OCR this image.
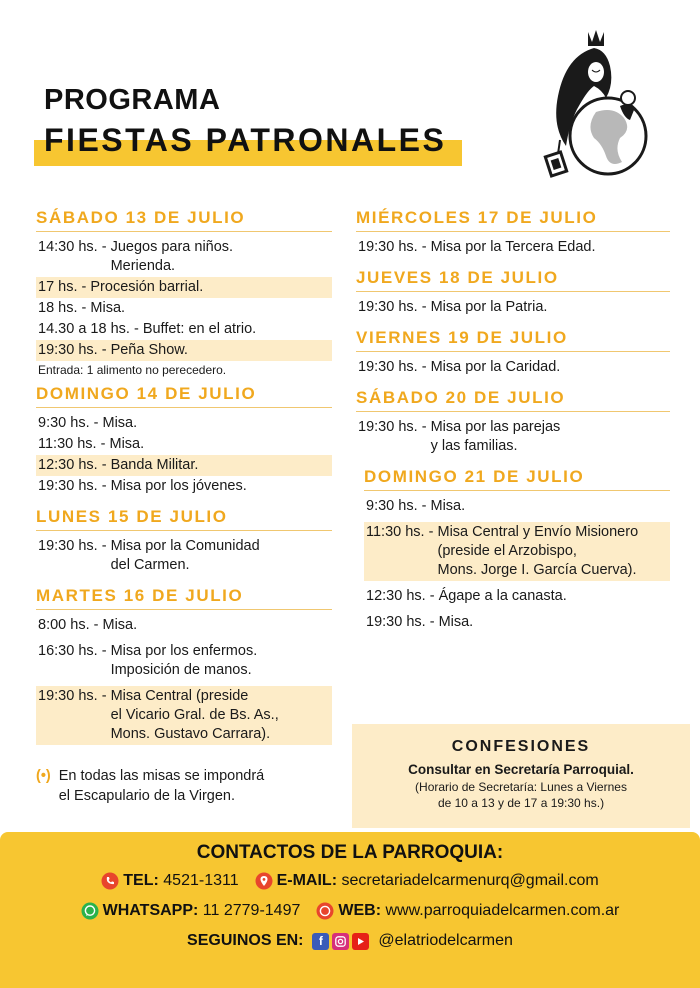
PROGRAMA
FIESTAS PATRONALES
SÁBADO 13 DE JULIO
14:30 hs. - Juegos para niños.
Merienda.
17 hs. - Procesión barrial.
18 hs. - Misa.
14.30 a 18 hs. - Buffet: en el atrio.
19:30 hs. - Peña Show.
Entrada: 1 alimento no perecedero.
DOMINGO 14 DE JULIO
9:30 hs. - Misa.
11:30 hs. - Misa.
12:30 hs. - Banda Militar.
19:30 hs. - Misa por los jóvenes.
LUNES 15 DE JULIO
19:30 hs. - Misa por la Comunidad
del Carmen.
MARTES 16 DE JULIO
8:00 hs. - Misa.
16:30 hs. - Misa por los enfermos.
Imposición de manos.
19:30 hs. - Misa Central (preside
el Vicario Gral. de Bs. As.,
Mons. Gustavo Carrara).
MIÉRCOLES 17 DE JULIO
19:30 hs. - Misa por la Tercera Edad.
JUEVES 18 DE JULIO
19:30 hs. - Misa por la Patria.
VIERNES 19 DE JULIO
19:30 hs. - Misa por la Caridad.
SÁBADO 20 DE JULIO
19:30 hs. - Misa por las parejas
y las familias.
DOMINGO 21 DE JULIO
9:30 hs. - Misa.
11:30 hs. - Misa Central y Envío Misionero
(preside el Arzobispo,
Mons. Jorge I. García Cuerva).
12:30 hs. - Ágape a la canasta.
19:30 hs. - Misa.
(•) En todas las misas se impondrá
el Escapulario de la Virgen.
CONFESIONES
Consultar en Secretaría Parroquial.
(Horario de Secretaría: Lunes a Viernes
de 10 a 13 y de 17 a 19:30 hs.)
CONTACTOS DE LA PARROQUIA:
TEL:
4521-1311 E-MAIL:
secretariadelcarmenurq@gmail.com
WHATSAPP:
11 2779-1497 WEB:
www.parroquiadelcarmen.com.ar
SEGUINOS EN:
	f	@elatriodelcarmen
